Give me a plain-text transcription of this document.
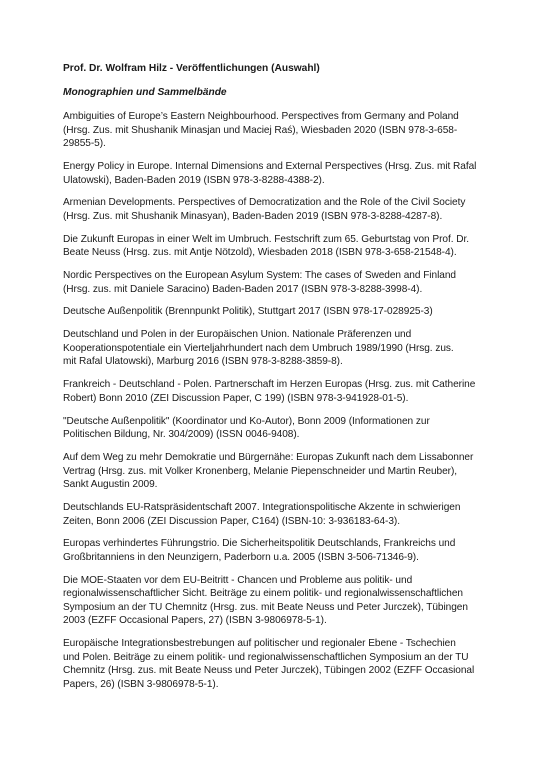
Prof. Dr. Wolfram Hilz - Veröffentlichungen (Auswahl)
Monographien und Sammelbände
Ambiguities of Europe’s Eastern Neighbourhood. Perspectives from Germany and Poland
(Hrsg. Zus. mit Shushanik Minasjan und Maciej Raś), Wiesbaden 2020 (ISBN 978-3-658-
29855-5).
Energy Policy in Europe. Internal Dimensions and External Perspectives (Hrsg. Zus. mit Rafal
Ulatowski), Baden-Baden 2019 (ISBN 978-3-8288-4388-2).
Armenian Developments. Perspectives of Democratization and the Role of the Civil Society
(Hrsg. Zus. mit Shushanik Minasyan), Baden-Baden 2019 (ISBN 978-3-8288-4287-8).
Die Zukunft Europas in einer Welt im Umbruch. Festschrift zum 65. Geburtstag von Prof. Dr.
Beate Neuss (Hrsg. zus. mit Antje Nötzold), Wiesbaden 2018 (ISBN 978-3-658-21548-4).
Nordic Perspectives on the European Asylum System: The cases of Sweden and Finland
(Hrsg. zus. mit Daniele Saracino) Baden-Baden 2017 (ISBN 978-3-8288-3998-4).
Deutsche Außenpolitik (Brennpunkt Politik), Stuttgart 2017 (ISBN 978-17-028925-3)
Deutschland und Polen in der Europäischen Union. Nationale Präferenzen und
Kooperationspotentiale ein Vierteljahrhundert nach dem Umbruch 1989/1990 (Hrsg. zus.
mit Rafal Ulatowski), Marburg 2016 (ISBN 978-3-8288-3859-8).
Frankreich - Deutschland - Polen. Partnerschaft im Herzen Europas (Hrsg. zus. mit Catherine
Robert) Bonn 2010 (ZEI Discussion Paper, C 199) (ISBN 978-3-941928-01-5).
"Deutsche Außenpolitik" (Koordinator und Ko-Autor), Bonn 2009 (Informationen zur
Politischen Bildung, Nr. 304/2009) (ISSN 0046-9408).
Auf dem Weg zu mehr Demokratie und Bürgernähe: Europas Zukunft nach dem Lissabonner
Vertrag (Hrsg. zus. mit Volker Kronenberg, Melanie Piepenschneider und Martin Reuber),
Sankt Augustin 2009.
Deutschlands EU-Ratspräsidentschaft 2007. Integrationspolitische Akzente in schwierigen
Zeiten, Bonn 2006 (ZEI Discussion Paper, C164) (ISBN-10: 3-936183-64-3).
Europas verhindertes Führungstrio. Die Sicherheitspolitik Deutschlands, Frankreichs und
Großbritanniens in den Neunzigern, Paderborn u.a. 2005 (ISBN 3-506-71346-9).
Die MOE-Staaten vor dem EU-Beitritt - Chancen und Probleme aus politik- und
regionalwissenschaftlicher Sicht. Beiträge zu einem politik- und regionalwissenschaftlichen
Symposium an der TU Chemnitz (Hrsg. zus. mit Beate Neuss und Peter Jurczek), Tübingen
2003 (EZFF Occasional Papers, 27) (ISBN 3-9806978-5-1).
Europäische Integrationsbestrebungen auf politischer und regionaler Ebene - Tschechien
und Polen. Beiträge zu einem politik- und regionalwissenschaftlichen Symposium an der TU
Chemnitz (Hrsg. zus. mit Beate Neuss und Peter Jurczek), Tübingen 2002 (EZFF Occasional
Papers, 26) (ISBN 3-9806978-5-1).
